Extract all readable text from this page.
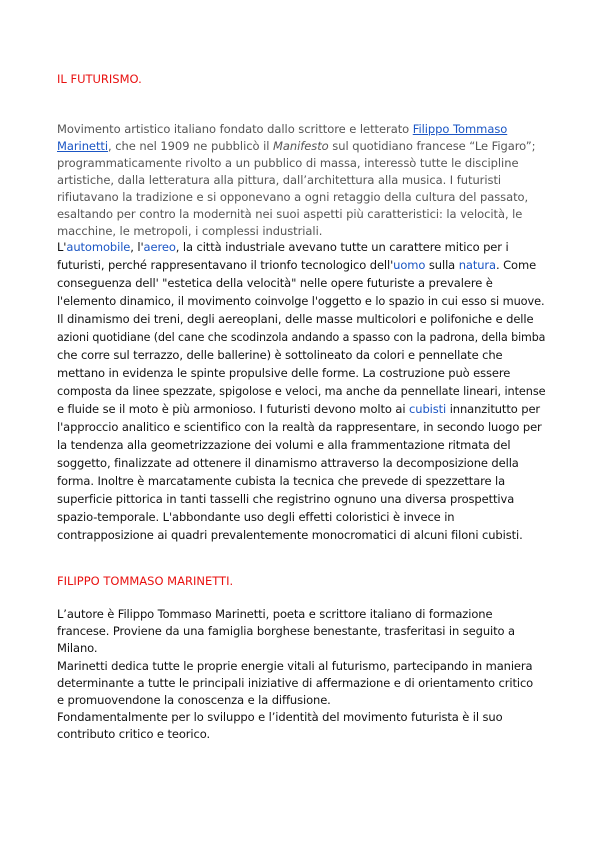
IL FUTURISMO.
Movimento artistico italiano fondato dallo scrittore e letterato Filippo Tommaso
Marinetti, che nel 1909 ne pubblicò il Manifesto sul quotidiano francese “Le Figaro”;
programmaticamente rivolto a un pubblico di massa, interessò tutte le discipline
artistiche, dalla letteratura alla pittura, dall’architettura alla musica. I futuristi
rifiutavano la tradizione e si opponevano a ogni retaggio della cultura del passato,
esaltando per contro la modernità nei suoi aspetti più caratteristici: la velocità, le
macchine, le metropoli, i complessi industriali.
L'automobile, l'aereo, la città industriale avevano tutte un carattere mitico per i
futuristi, perché rappresentavano il trionfo tecnologico dell'uomo sulla natura. Come
conseguenza dell' "estetica della velocità" nelle opere futuriste a prevalere è
l'elemento dinamico, il movimento coinvolge l'oggetto e lo spazio in cui esso si muove.
Il dinamismo dei treni, degli aereoplani, delle masse multicolori e polifoniche e delle
azioni quotidiane (del cane che scodinzola andando a spasso con la padrona, della bimba
che corre sul terrazzo, delle ballerine) è sottolineato da colori e pennellate che
mettano in evidenza le spinte propulsive delle forme. La costruzione può essere
composta da linee spezzate, spigolose e veloci, ma anche da pennellate lineari, intense
e fluide se il moto è più armonioso. I futuristi devono molto ai cubisti innanzitutto per
l'approccio analitico e scientifico con la realtà da rappresentare, in secondo luogo per
la tendenza alla geometrizzazione dei volumi e alla frammentazione ritmata del
soggetto, finalizzate ad ottenere il dinamismo attraverso la decomposizione della
forma. Inoltre è marcatamente cubista la tecnica che prevede di spezzettare la
superficie pittorica in tanti tasselli che registrino ognuno una diversa prospettiva
spazio-temporale. L'abbondante uso degli effetti coloristici è invece in
contrapposizione ai quadri prevalentemente monocromatici di alcuni filoni cubisti.
FILIPPO TOMMASO MARINETTI.
L’autore è Filippo Tommaso Marinetti, poeta e scrittore italiano di formazione
francese. Proviene da una famiglia borghese benestante, trasferitasi in seguito a
Milano.
Marinetti dedica tutte le proprie energie vitali al futurismo, partecipando in maniera
determinante a tutte le principali iniziative di affermazione e di orientamento critico
e promuovendone la conoscenza e la diffusione.
Fondamentalmente per lo sviluppo e l’identità del movimento futurista è il suo
contributo critico e teorico.
